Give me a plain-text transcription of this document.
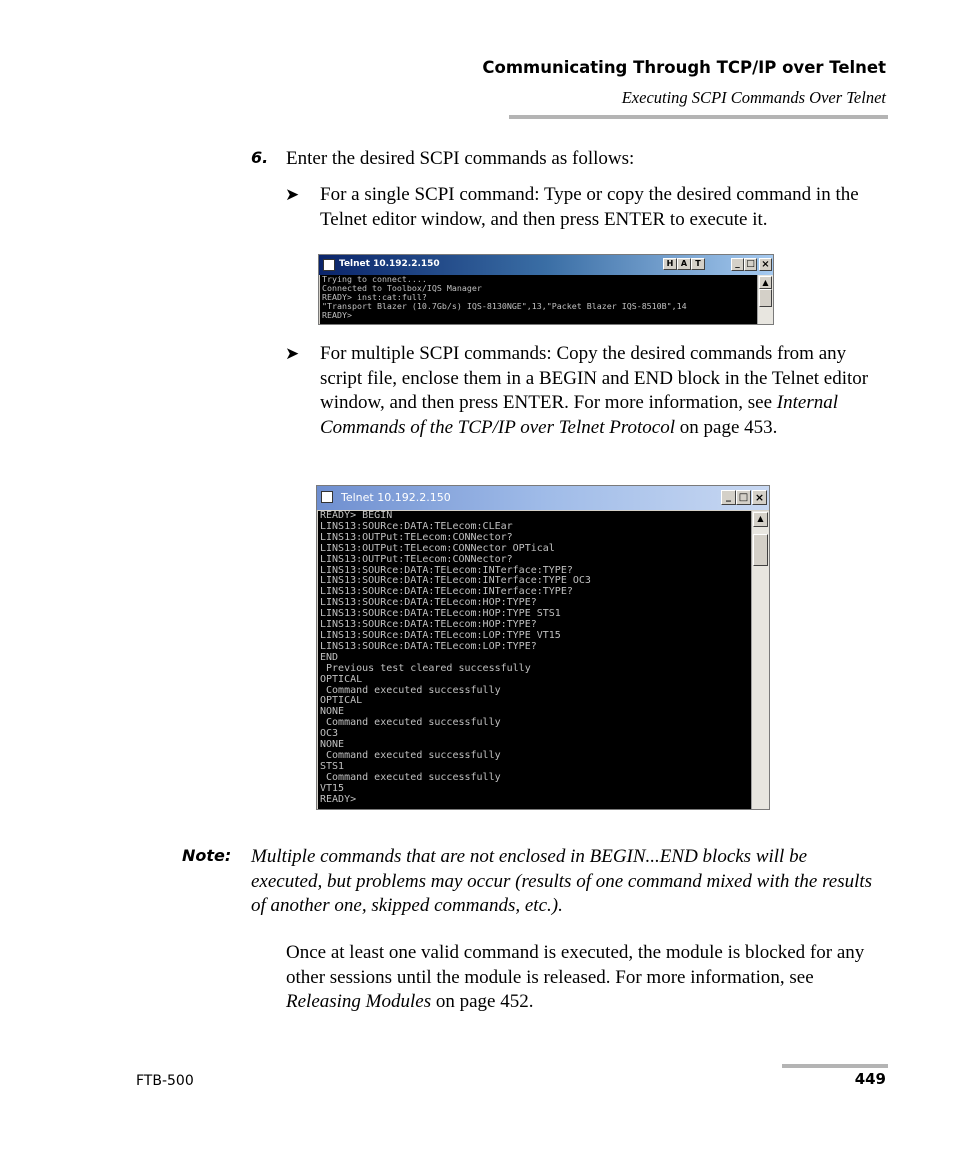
Communicating Through TCP/IP over Telnet
Executing SCPI Commands Over Telnet
6. Enter the desired SCPI commands as follows:
➤ For a single SCPI command: Type or copy the desired command in the Telnet editor window, and then press ENTER to execute it.
Telnet 10.192.2.150	H A	T	_ □ ×
Trying to connect....
Connected to Toolbox/IQS Manager
READY> inst:cat:full?
"Transport Blazer (10.7Gb/s) IQS-8130NGE",13,"Packet Blazer IQS-8510B",14
READY>
▲
➤ For multiple SCPI commands: Copy the desired commands from any script file, enclose them in a BEGIN and END block in the Telnet editor window, and then press ENTER. For more information, see Internal Commands of the TCP/IP over Telnet Protocol on page 453.
Telnet 10.192.2.150	_ □ ×
READY> BEGIN
LINS13:SOURce:DATA:TELecom:CLEar
LINS13:OUTPut:TELecom:CONNector?
LINS13:OUTPut:TELecom:CONNector OPTical
LINS13:OUTPut:TELecom:CONNector?
LINS13:SOURce:DATA:TELecom:INTerface:TYPE?
LINS13:SOURce:DATA:TELecom:INTerface:TYPE OC3
LINS13:SOURce:DATA:TELecom:INTerface:TYPE?
LINS13:SOURce:DATA:TELecom:HOP:TYPE?
LINS13:SOURce:DATA:TELecom:HOP:TYPE STS1
LINS13:SOURce:DATA:TELecom:HOP:TYPE?
LINS13:SOURce:DATA:TELecom:LOP:TYPE VT15
LINS13:SOURce:DATA:TELecom:LOP:TYPE?
END
Previous test cleared successfully
OPTICAL
Command executed successfully
OPTICAL
NONE
Command executed successfully
OC3
NONE
Command executed successfully
STS1
Command executed successfully
VT15
READY>
▲
Note: Multiple commands that are not enclosed in BEGIN...END blocks will be executed, but problems may occur (results of one command mixed with the results of another one, skipped commands, etc.).
Once at least one valid command is executed, the module is blocked for any other sessions until the module is released. For more information, see Releasing Modules on page 452.
FTB-500	449
